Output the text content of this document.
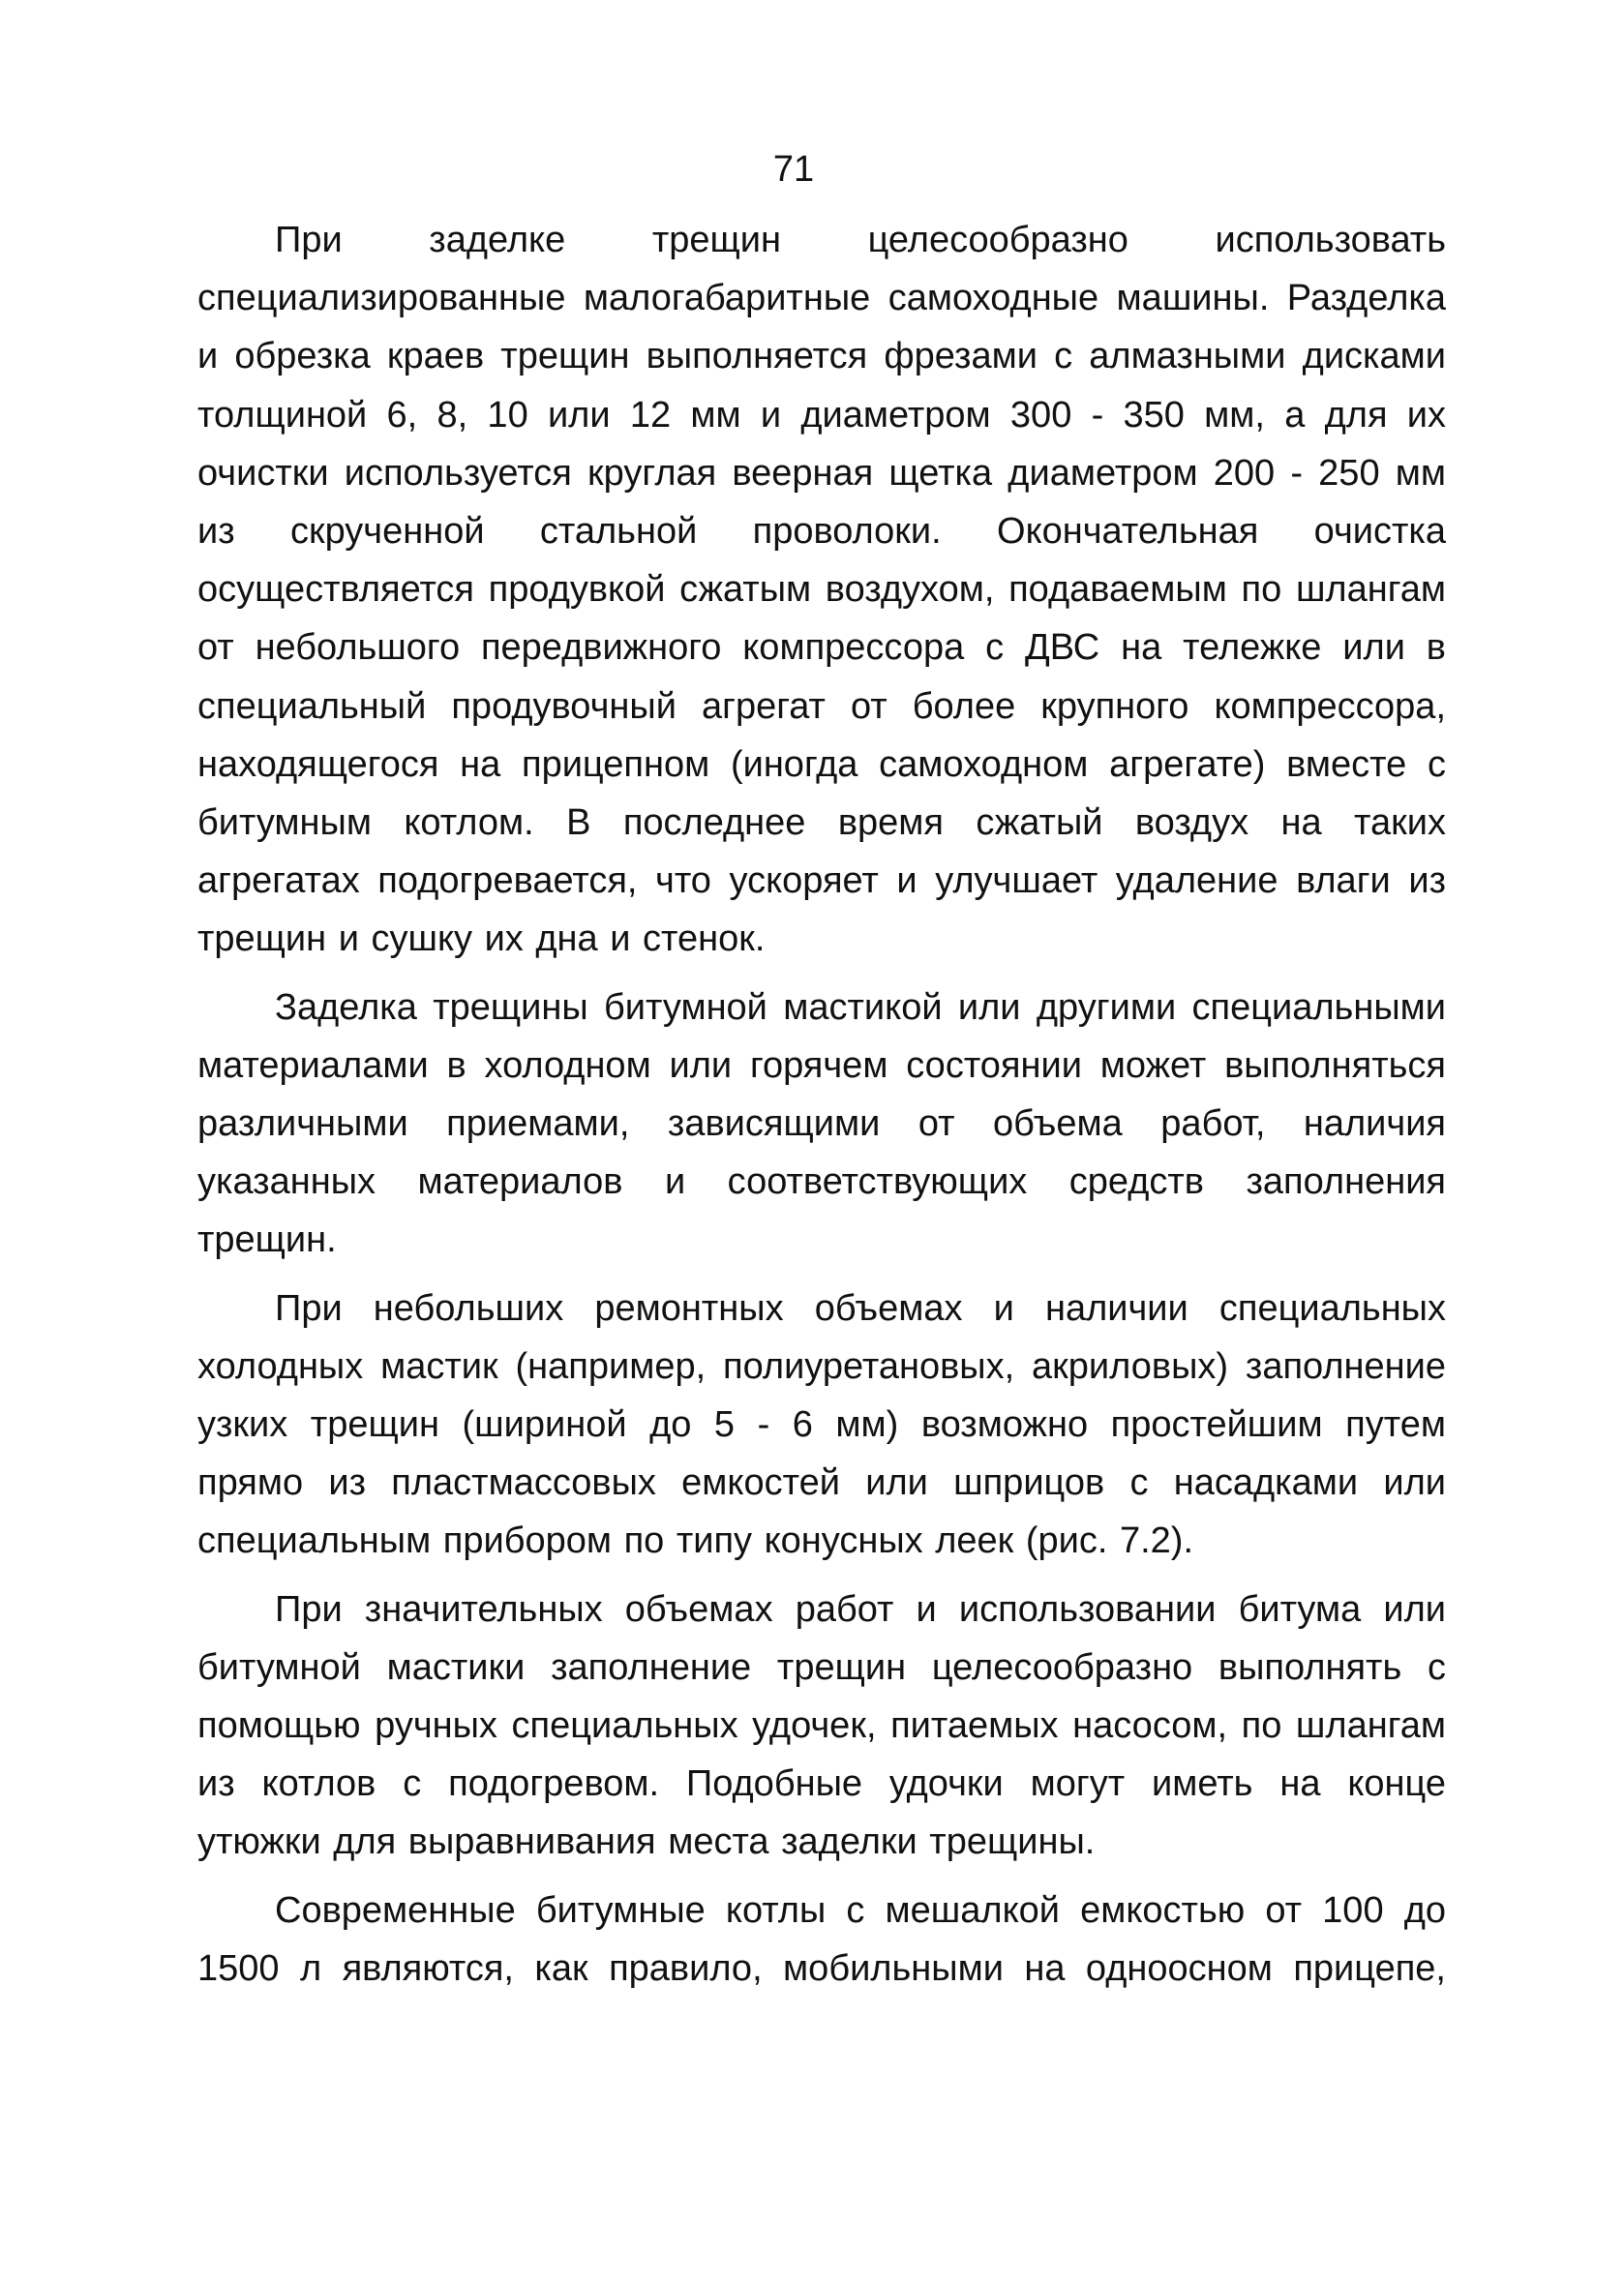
71

При заделке трещин целесообразно использовать специализированные малогабаритные самоходные машины. Разделка и обрезка краев трещин выполняется фрезами с алмазными дисками толщиной 6, 8, 10 или 12 мм и диаметром 300 - 350 мм, а для их очистки используется круглая веерная щетка диаметром 200 - 250 мм из скрученной стальной проволоки. Окончательная очистка осуществляется продувкой сжатым воздухом, подаваемым по шлангам от небольшого передвижного компрессора с ДВС на тележке или в специальный продувочный агрегат от более крупного компрессора, находящегося на прицепном (иногда самоходном агрегате) вместе с битумным котлом. В последнее время сжатый воздух на таких агрегатах подогревается, что ускоряет и улучшает удаление влаги из трещин и сушку их дна и стенок.

Заделка трещины битумной мастикой или другими специальными материалами в холодном или горячем состоянии может выполняться различными приемами, зависящими от объема работ, наличия указанных материалов и соответствующих средств заполнения трещин.

При небольших ремонтных объемах и наличии специальных холодных мастик (например, полиуретановых, акриловых) заполнение узких трещин (шириной до 5 - 6 мм) возможно простейшим путем прямо из пластмассовых емкостей или шприцов с насадками или специальным прибором по типу конусных леек (рис. 7.2).

При значительных объемах работ и использовании битума или битумной мастики заполнение трещин целесообразно выполнять с помощью ручных специальных удочек, питаемых насосом, по шлангам из котлов с подогревом. Подобные удочки могут иметь на конце утюжки для выравнивания места заделки трещины.

Современные битумные котлы с мешалкой емкостью от 100 до 1500 л являются, как правило, мобильными на одноосном прицепе,
